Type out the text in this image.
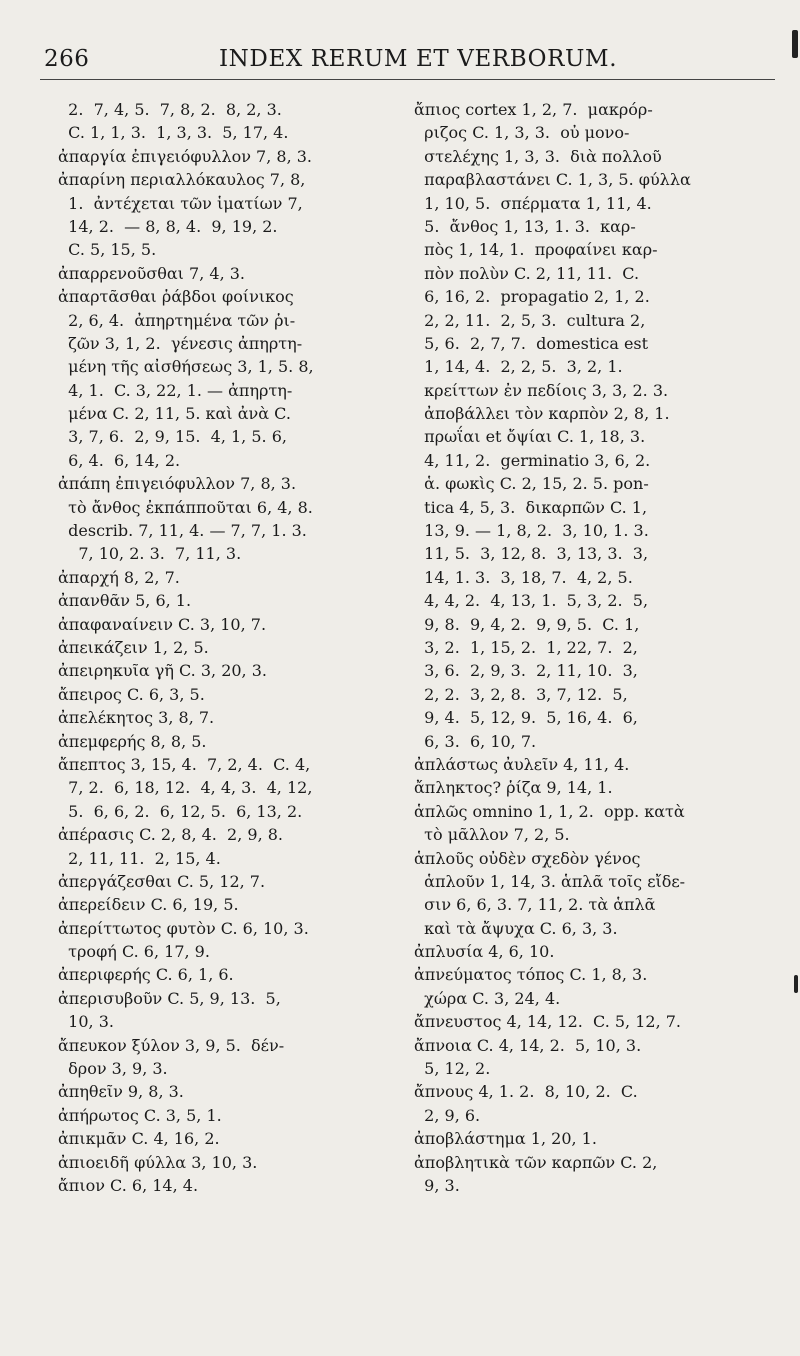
266	INDEX RERUM ET VERBORUM.
2.  7, 4, 5.  7, 8, 2.  8, 2, 3.
C. 1, 1, 3.  1, 3, 3.  5, 17, 4.
ἀπαργία ἐπιγειόφυλλον 7, 8, 3.
ἀπαρίνη περιαλλόκαυλος 7, 8,
1.  ἀντέχεται τῶν ἱματίων 7,
14, 2.  — 8, 8, 4.  9, 19, 2.
C. 5, 15, 5.
ἀπαρρενοῦσθαι 7, 4, 3.
ἀπαρτᾶσθαι ῥάβδοι φοίνικος
2, 6, 4.  ἀπηρτημένα τῶν ῥι-
ζῶν 3, 1, 2.  γένεσις ἀπηρτη-
μένη τῆς αἰσθήσεως 3, 1, 5. 8,
4, 1.  C. 3, 22, 1. — ἀπηρτη-
μένα C. 2, 11, 5. καὶ ἀνὰ C.
3, 7, 6.  2, 9, 15.  4, 1, 5. 6,
6, 4.  6, 14, 2.
ἀπάπη ἐπιγειόφυλλον 7, 8, 3.
τὸ ἄνθος ἐκπάπποῦται 6, 4, 8.
describ. 7, 11, 4. — 7, 7, 1. 3.
7, 10, 2. 3.  7, 11, 3.
ἀπαρχή 8, 2, 7.
ἀπανθᾶν 5, 6, 1.
ἀπαφαναίνειν C. 3, 10, 7.
ἀπεικάζειν 1, 2, 5.
ἀπειρηκυῖα γῆ C. 3, 20, 3.
ἄπειρος C. 6, 3, 5.
ἀπελέκητος 3, 8, 7.
ἀπεμφερής 8, 8, 5.
ἄπεπτος 3, 15, 4.  7, 2, 4.  C. 4,
7, 2.  6, 18, 12.  4, 4, 3.  4, 12,
5.  6, 6, 2.  6, 12, 5.  6, 13, 2.
ἀπέρασις C. 2, 8, 4.  2, 9, 8.
2, 11, 11.  2, 15, 4.
ἀπεργάζεσθαι C. 5, 12, 7.
ἀπερείδειν C. 6, 19, 5.
ἀπερίττωτος φυτὸν C. 6, 10, 3.
τροφή C. 6, 17, 9.
ἀπεριφερής C. 6, 1, 6.
ἀπερισυβοῦν C. 5, 9, 13.  5,
10, 3.
ἄπευκον ξύλον 3, 9, 5.  δέν-
δρον 3, 9, 3.
ἀπηθεῖν 9, 8, 3.
ἀπήρωτος C. 3, 5, 1.
ἀπικμᾶν C. 4, 16, 2.
ἀπιοειδῆ φύλλα 3, 10, 3.
ἄπιον C. 6, 14, 4.
ἄπιος cortex 1, 2, 7.  μακρόρ-
ριζος C. 1, 3, 3.  οὐ μονο-
στελέχης 1, 3, 3.  διὰ πολλοῦ
παραβλαστάνει C. 1, 3, 5. φύλλα
1, 10, 5.  σπέρματα 1, 11, 4.
5.  ἄνθος 1, 13, 1. 3.  καρ-
πὸς 1, 14, 1.  προφαίνει καρ-
πὸν πολὺν C. 2, 11, 11.  C.
6, 16, 2.  propagatio 2, 1, 2.
2, 2, 11.  2, 5, 3.  cultura 2,
5, 6.  2, 7, 7.  domestica est
1, 14, 4.  2, 2, 5.  3, 2, 1.
κρείττων ἐν πεδίοις 3, 3, 2. 3.
ἀποβάλλει τὸν καρπὸν 2, 8, 1.
πρωΐαι et ὄψίαι C. 1, 18, 3.
4, 11, 2.  germinatio 3, 6, 2.
ἁ. φωκὶς C. 2, 15, 2. 5. pon-
tica 4, 5, 3.  δικαρπῶν C. 1,
13, 9. — 1, 8, 2.  3, 10, 1. 3.
11, 5.  3, 12, 8.  3, 13, 3.  3,
14, 1. 3.  3, 18, 7.  4, 2, 5.
4, 4, 2.  4, 13, 1.  5, 3, 2.  5,
9, 8.  9, 4, 2.  9, 9, 5.  C. 1,
3, 2.  1, 15, 2.  1, 22, 7.  2,
3, 6.  2, 9, 3.  2, 11, 10.  3,
2, 2.  3, 2, 8.  3, 7, 12.  5,
9, 4.  5, 12, 9.  5, 16, 4.  6,
6, 3.  6, 10, 7.
ἀπλάστως ἀυλεῖν 4, 11, 4.
ἄπληκτος? ῥίζα 9, 14, 1.
ἁπλῶς omnino 1, 1, 2.  opp. κατὰ
τὸ μᾶλλον 7, 2, 5.
ἁπλοῦς οὐδὲν σχεδὸν γένος
ἁπλοῦν 1, 14, 3. ἁπλᾶ τοῖς εἴδε-
σιν 6, 6, 3. 7, 11, 2. τὰ ἁπλᾶ
καὶ τὰ ἄψυχα C. 6, 3, 3.
ἀπλυσία 4, 6, 10.
ἀπνεύματος τόπος C. 1, 8, 3.
χώρα C. 3, 24, 4.
ἄπνευστος 4, 14, 12.  C. 5, 12, 7.
ἄπνοια C. 4, 14, 2.  5, 10, 3.
5, 12, 2.
ἄπνους 4, 1. 2.  8, 10, 2.  C.
2, 9, 6.
ἀποβλάστημα 1, 20, 1.
ἀποβλητικὰ τῶν καρπῶν C. 2,
9, 3.
